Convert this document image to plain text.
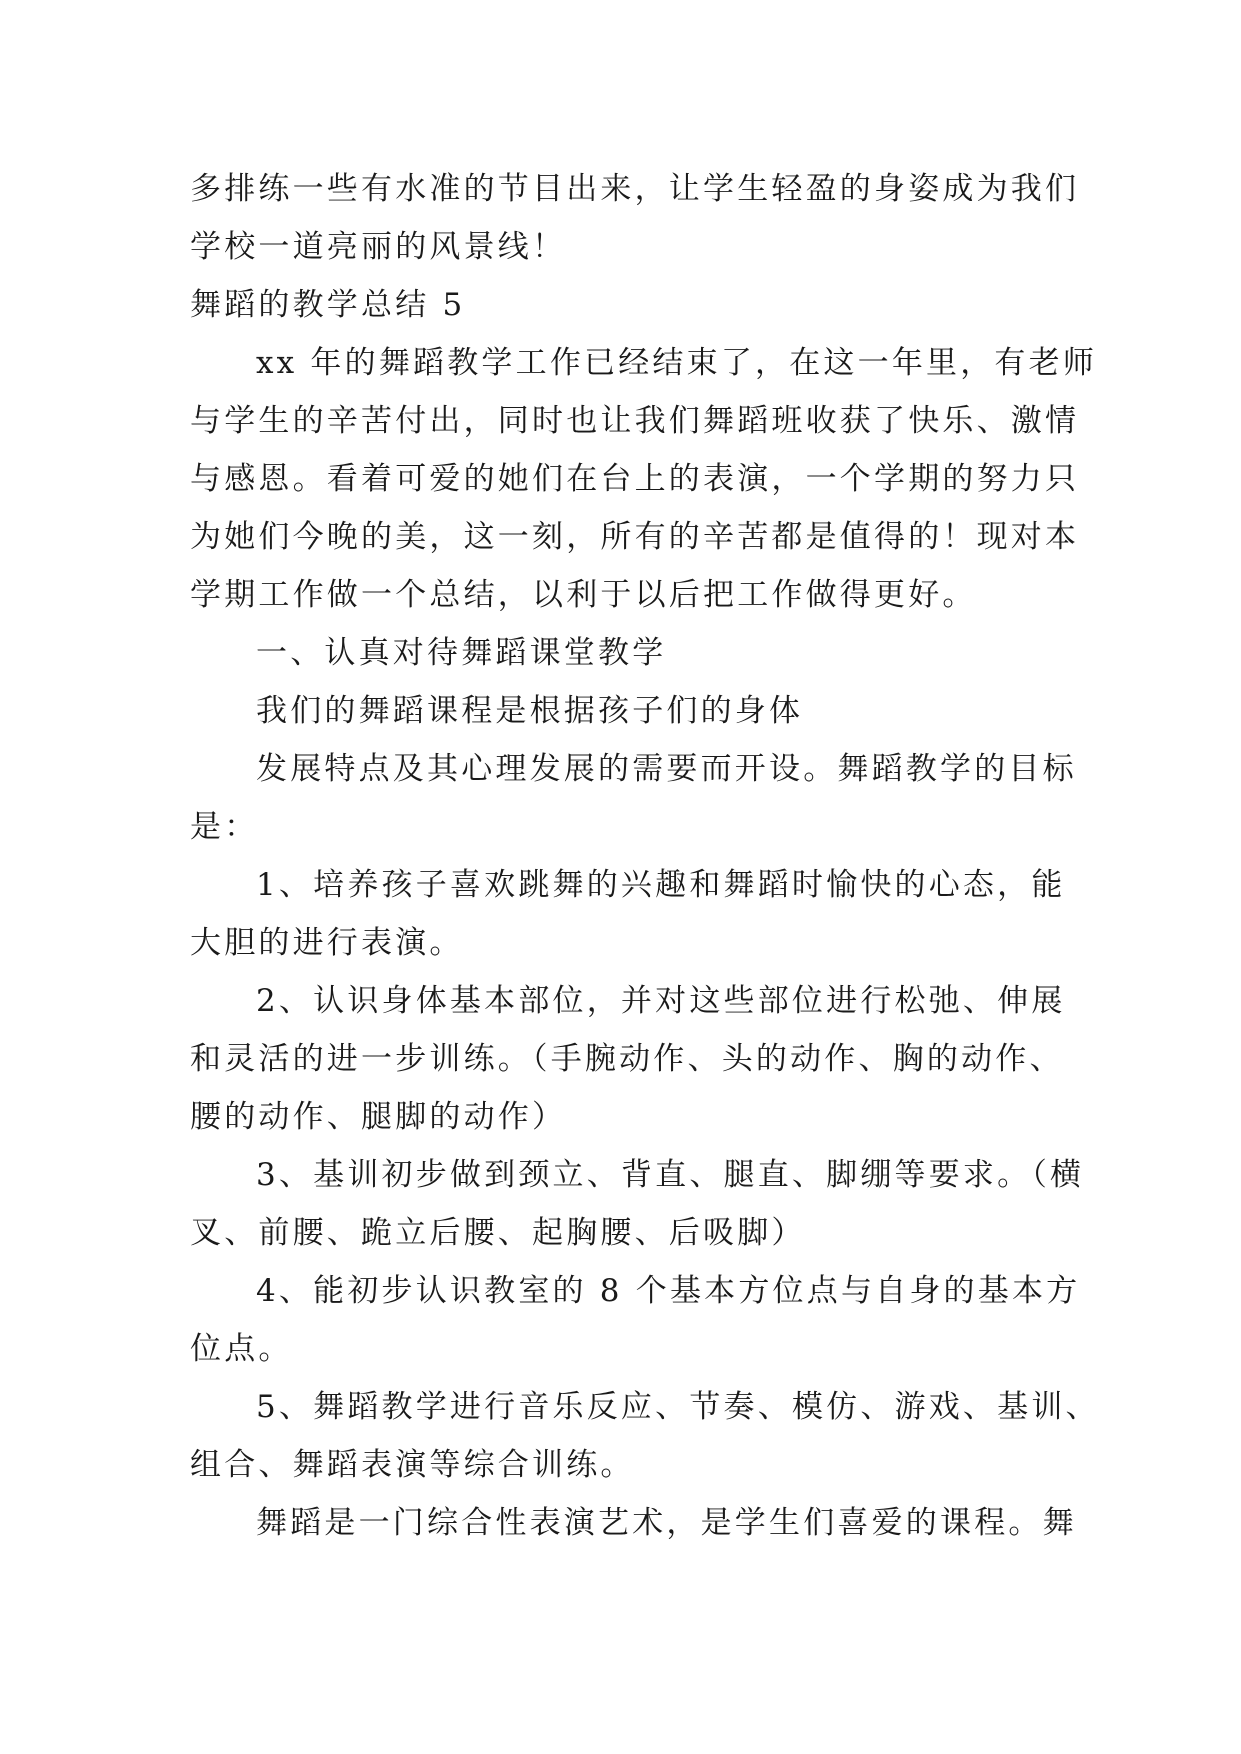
多排练一些有水准的节目出来，让学生轻盈的身姿成为我们
学校一道亮丽的风景线！
舞蹈的教学总结 5
xx 年的舞蹈教学工作已经结束了，在这一年里，有老师
与学生的辛苦付出，同时也让我们舞蹈班收获了快乐、激情
与感恩。看着可爱的她们在台上的表演，一个学期的努力只
为她们今晚的美，这一刻，所有的辛苦都是值得的！现对本
学期工作做一个总结，以利于以后把工作做得更好。
一、认真对待舞蹈课堂教学
我们的舞蹈课程是根据孩子们的身体
发展特点及其心理发展的需要而开设。舞蹈教学的目标
是：
1、培养孩子喜欢跳舞的兴趣和舞蹈时愉快的心态，能
大胆的进行表演。
2、认识身体基本部位，并对这些部位进行松弛、伸展
和灵活的进一步训练。（手腕动作、头的动作、胸的动作、
腰的动作、腿脚的动作）
3、基训初步做到颈立、背直、腿直、脚绷等要求。（横
叉、前腰、跪立后腰、起胸腰、后吸脚）
4、能初步认识教室的 8 个基本方位点与自身的基本方
位点。
5、舞蹈教学进行音乐反应、节奏、模仿、游戏、基训、
组合、舞蹈表演等综合训练。
舞蹈是一门综合性表演艺术，是学生们喜爱的课程。舞
